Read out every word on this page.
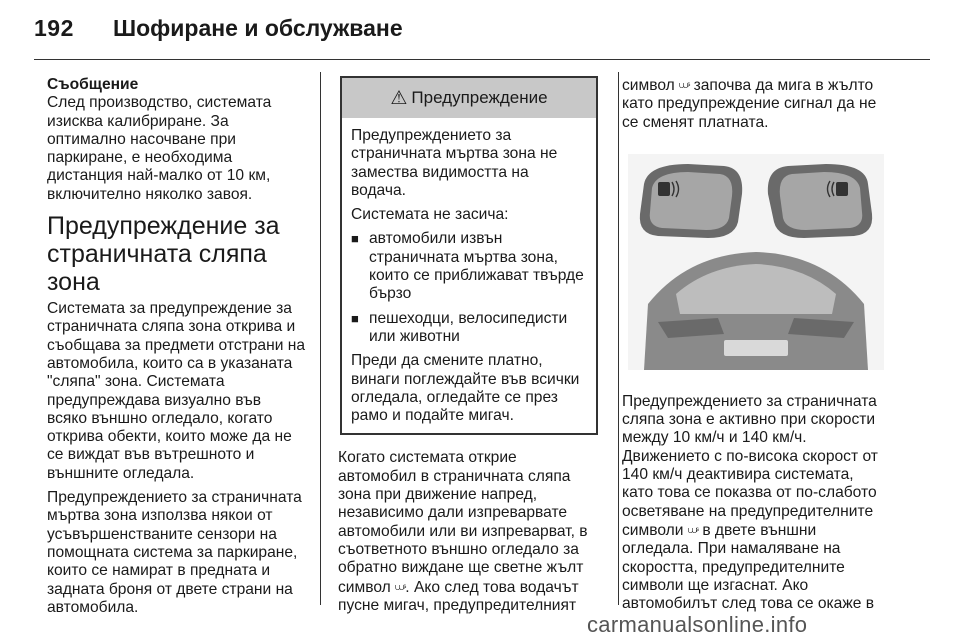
192 Шофиране и обслужване

Съобщение

След производство, системата
изисква калибриране. За
оптимално насочване при
паркиране, е необходима
дистанция най-малко от 10 км,
включително няколко завоя.
Предупреждение за
страничната сляпа зона
Системата за предупреждение за
страничната сляпа зона открива и
съобщава за предмети отстрани на
автомобила, които са в указаната
"сляпа" зона. Системата
предупреждава визуално във
всяко външно огледало, когато
открива обекти, които може да не
се виждат във вътрешното и
външните огледала.
Предупреждението за страничната
мъртва зона използва някои от
усъвършенстваните сензори на
помощната система за паркиране,
които се намират в предната и
задната броня от двете страни на
автомобила.
⚠ Предупреждение
Предупреждението за
страничната мъртва зона не
замества видимостта на
водача.
Системата не засича:
■ автомобили извън
страничната мъртва зона,
които се приближават твърде
бързо
■ пешеходци, велосипедисти
или животни
Преди да смените платно,
винаги поглеждайте във всички
огледала, огледайте се през
рамо и подайте мигач.
Когато системата открие
автомобил в страничната сляпа
зона при движение напред,
независимо дали изпреварвате
автомобили или ви изпреварват, в
съответното външно огледало за
обратно виждане ще светне жълт
символ ⩊ᶳ. Ако след това водачът
пусне мигач, предупредителният
символ ⩊ᶳ започва да мига в жълто
като предупреждение сигнал да не
се сменят платната.
Предупреждението за страничната
сляпа зона е активно при скорости
между 10 км/ч и 140 км/ч.
Движението с по-висока скорост от
140 км/ч деактивира системата,
като това се показва от по-слабото
осветяване на предупредителните
символи ⩊ᶳ в двете външни
огледала. При намаляване на
скоростта, предупредителните
символи ще изгаснат. Ако
автомобилът след това се окаже в
carmanualsonline.info
